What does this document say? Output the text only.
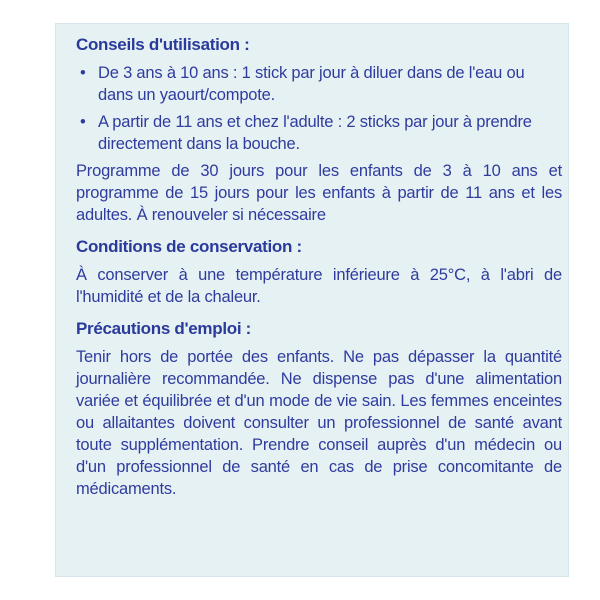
Conseils d'utilisation :
• De 3 ans à 10 ans : 1 stick par jour à diluer dans de l'eau ou dans un yaourt/compote.
• A partir de 11 ans et chez l'adulte : 2 sticks par jour à prendre directement dans la bouche.

Programme de 30 jours pour les enfants de 3 à 10 ans et programme de 15 jours pour les enfants à partir de 11 ans et les adultes. À renouveler si nécessaire

Conditions de conservation :

À conserver à une température inférieure à 25°C, à l'abri de l'humidité et de la chaleur.

Précautions d'emploi :

Tenir hors de portée des enfants. Ne pas dépasser la quantité journalière recommandée. Ne dispense pas d'une alimentation variée et équilibrée et d'un mode de vie sain. Les femmes enceintes ou allaitantes doivent consulter un professionnel de santé avant toute supplémentation. Prendre conseil auprès d'un médecin ou d'un professionnel de santé en cas de prise concomitante de médicaments.
